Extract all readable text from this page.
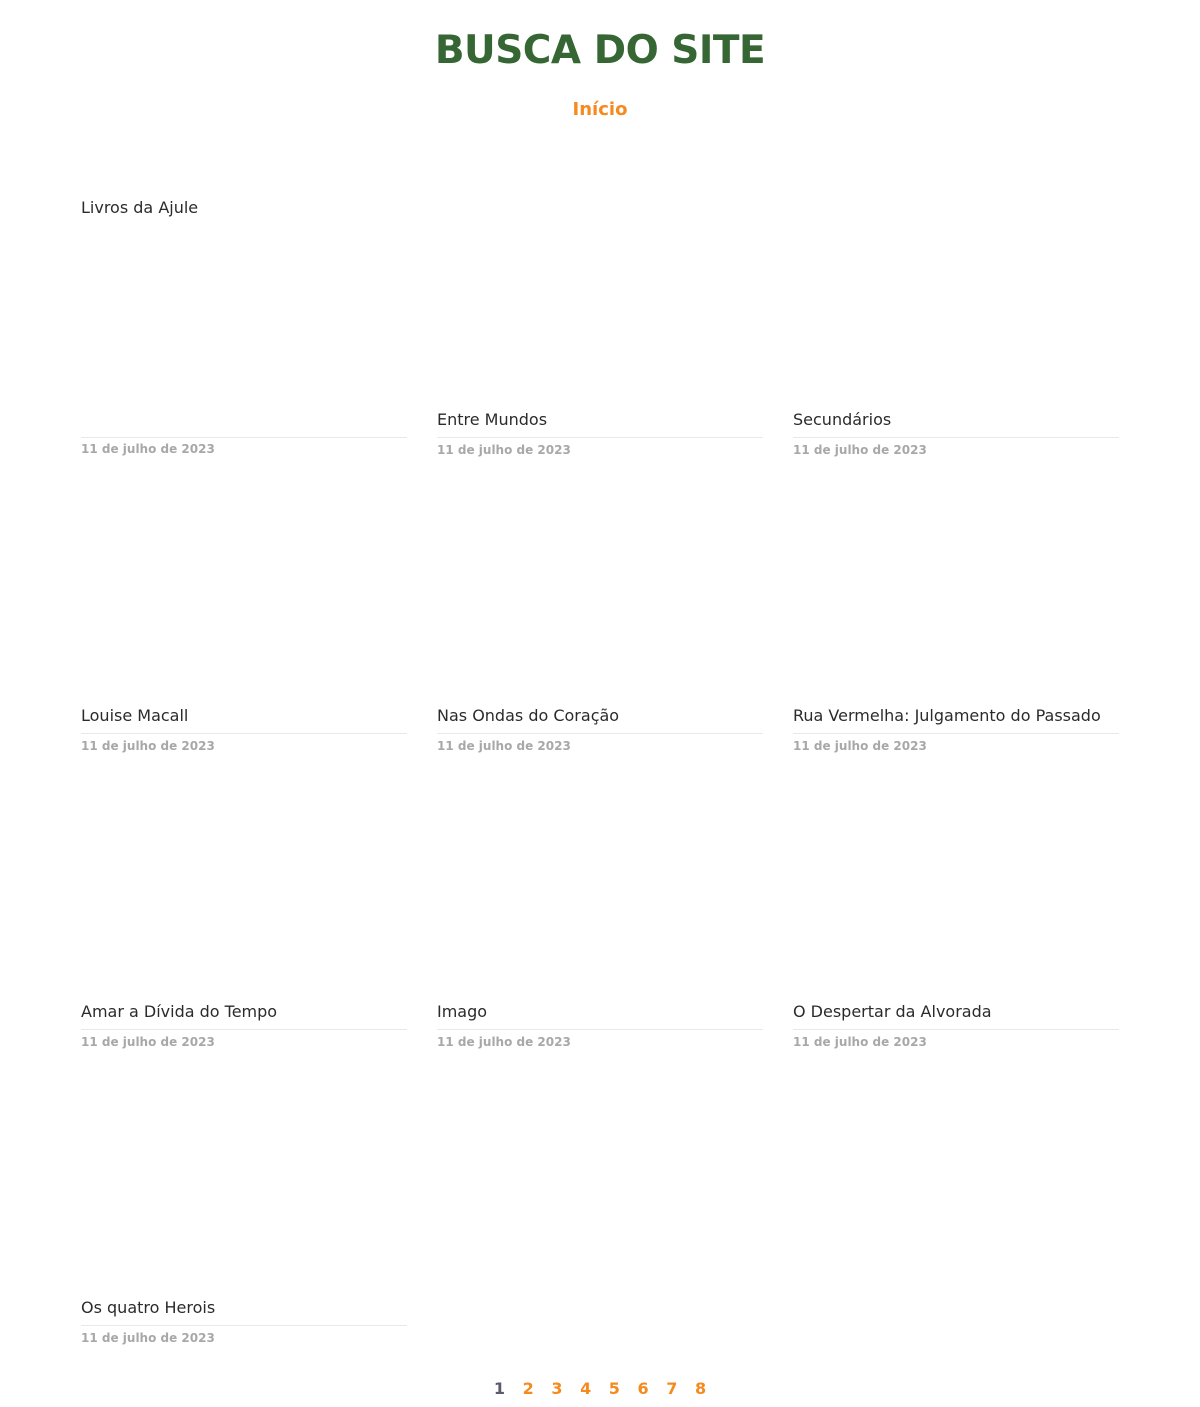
BUSCA DO SITE
Início
Livros da Ajule
11 de julho de 2023
Entre Mundos
11 de julho de 2023
Secundários
11 de julho de 2023
Louise Macall
11 de julho de 2023
Nas Ondas do Coração
11 de julho de 2023
Rua Vermelha: Julgamento do Passado
11 de julho de 2023
Amar a Dívida do Tempo
11 de julho de 2023
Imago
11 de julho de 2023
O Despertar da Alvorada
11 de julho de 2023
Os quatro Herois
11 de julho de 2023
1 2 3 4 5 6 7 8
